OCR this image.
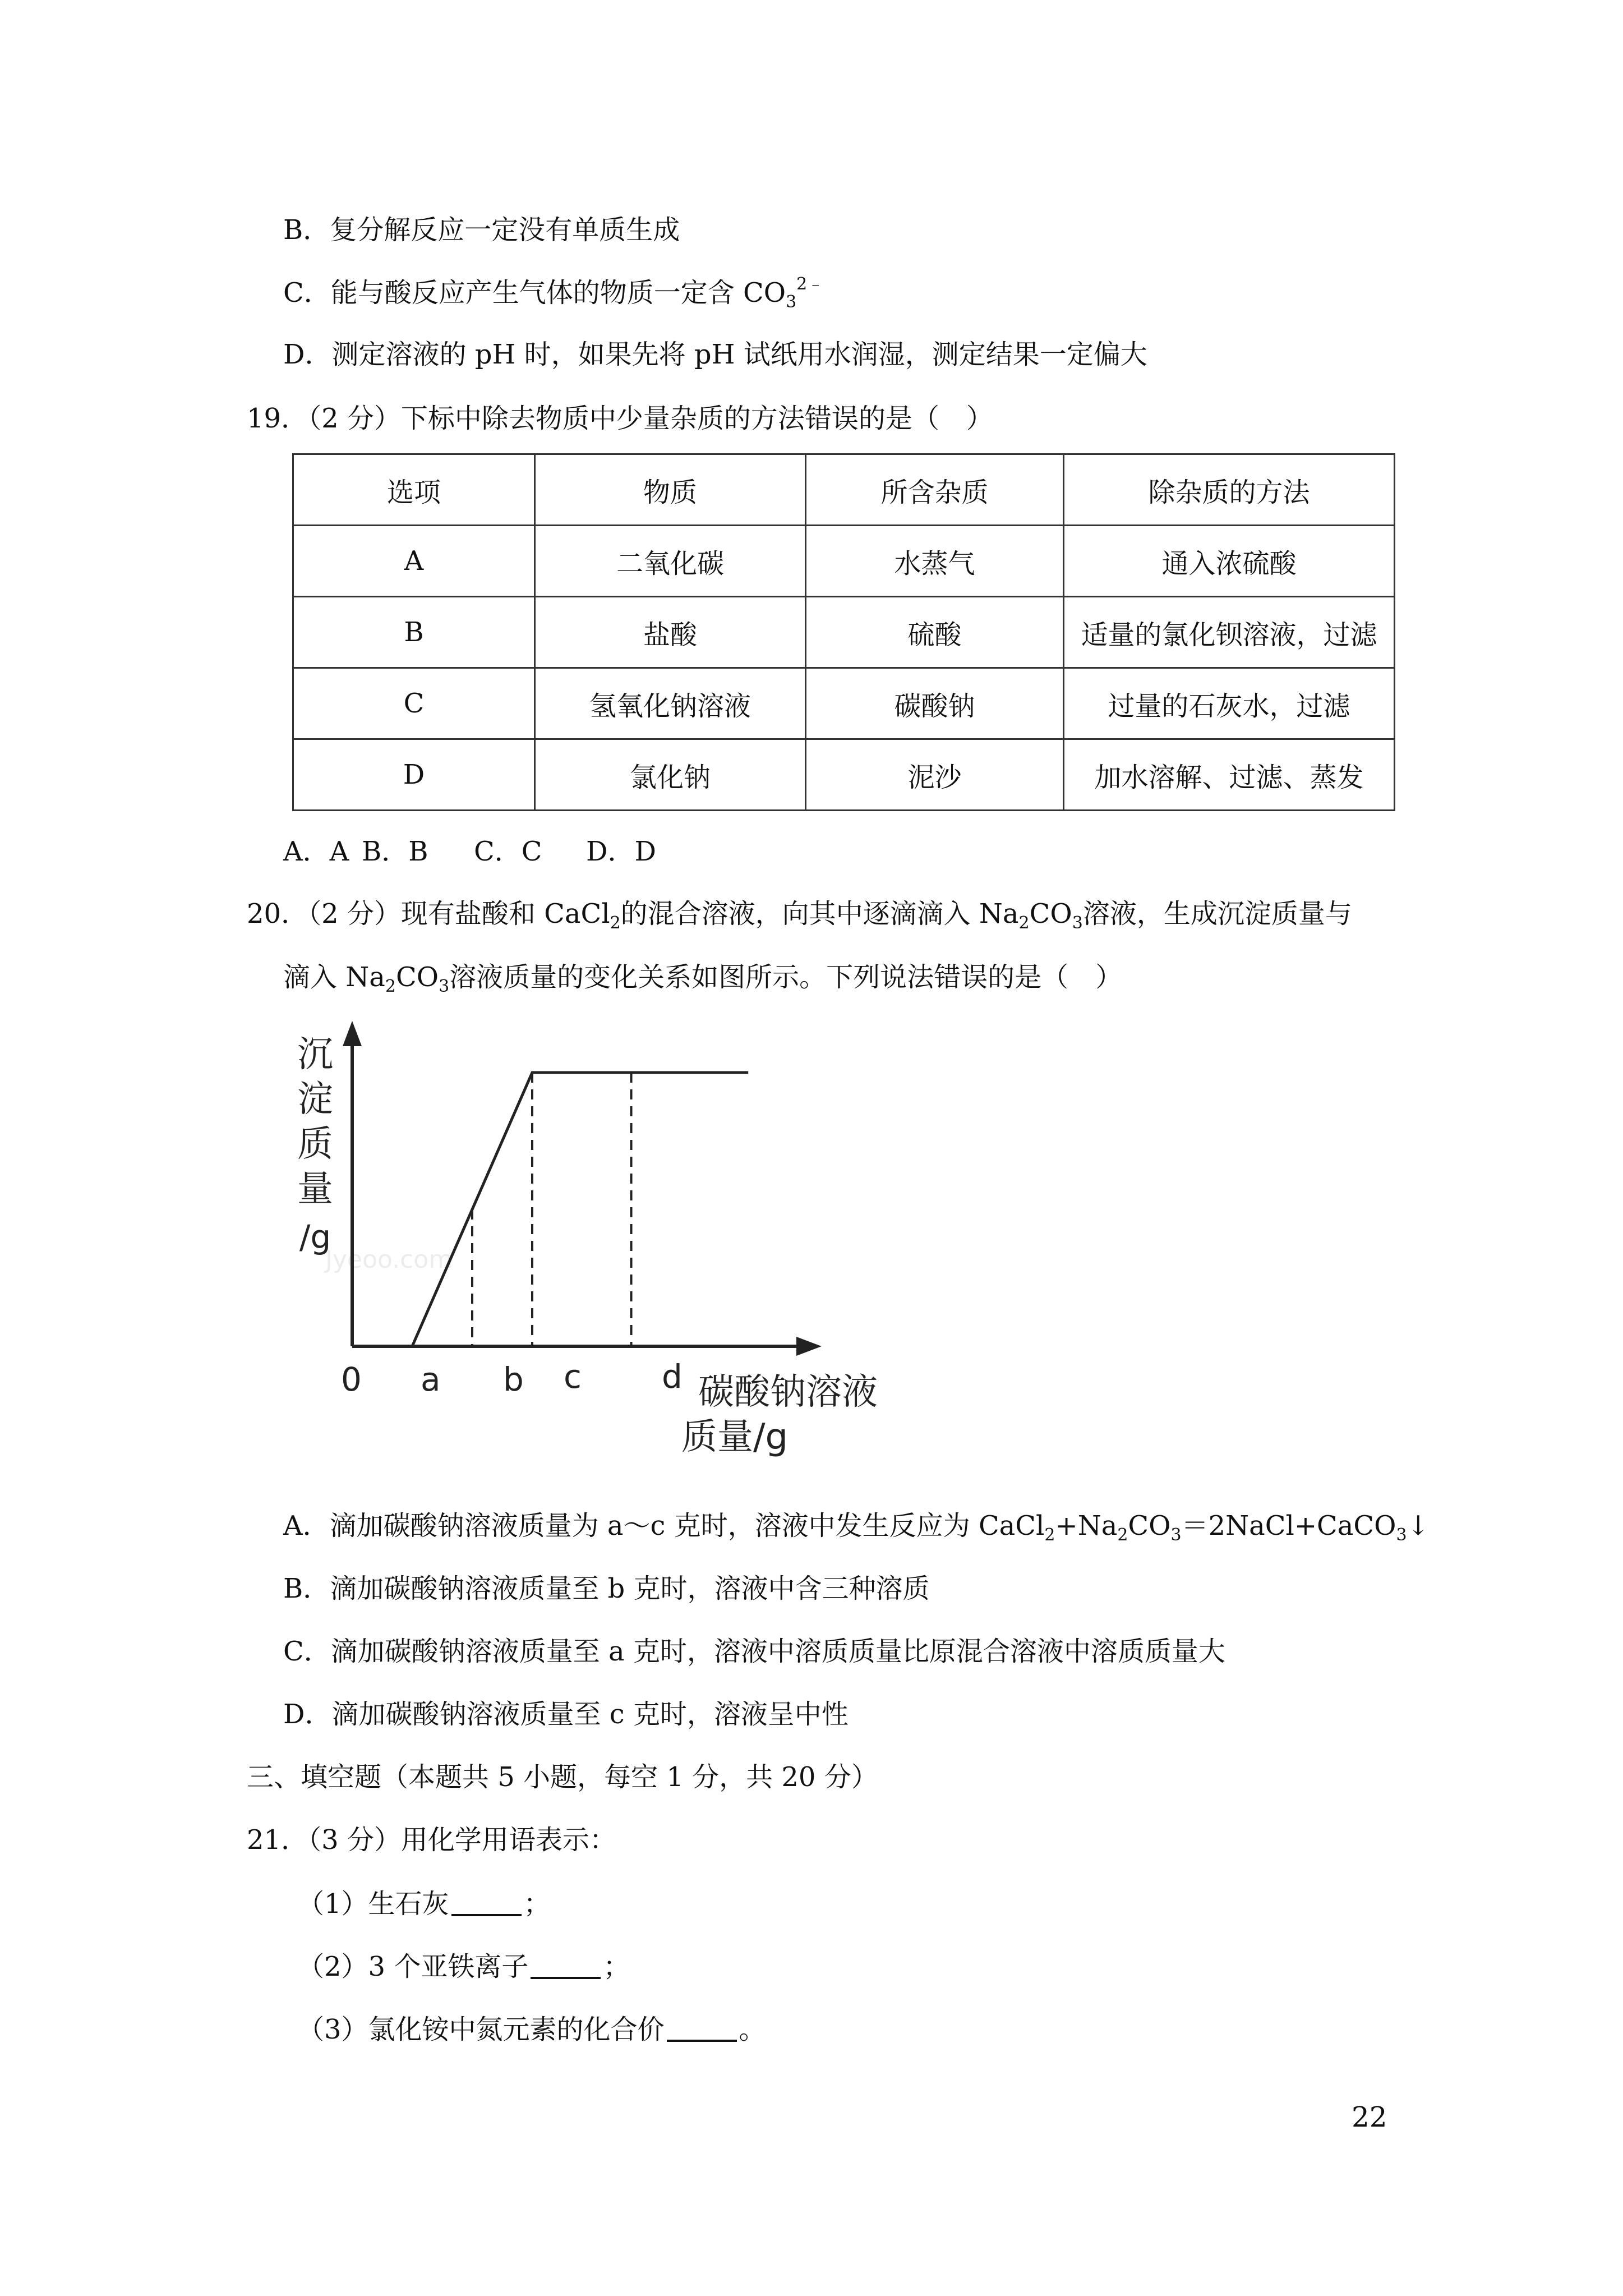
B．复分解反应一定没有单质生成
C．能与酸反应产生气体的物质一定含 $CO_3^{2﹣}$
D．测定溶液的 pH 时，如果先将 pH 试纸用水润湿，测定结果一定偏大
19．（2 分）下标中除去物质中少量杂质的方法错误的是（　）
选项	物质	所含杂质	除杂质的方法
A	二氧化碳	水蒸气	通入浓硫酸
B	盐酸	硫酸	适量的氯化钡溶液，过滤
C	氢氧化钠溶液	碳酸钠	过量的石灰水，过滤
D	氯化钠	泥沙	加水溶解、过滤、蒸发
A．A B．B C．C D．D
20．（2 分）现有盐酸和 CaCl$_2$的混合溶液，向其中逐滴滴入 $Na_2CO_3$溶液，生成沉淀质量与
滴入 $Na_2CO_3$溶液质量的变化关系如图所示。下列说法错误的是（　）
Jyeoo.com
沉
淀
质
量
/g
0 a b c d 碳酸钠溶液
质量/g
A．滴加碳酸钠溶液质量为 a～c 克时，溶液中发生反应为 $CaCl_2+Na_2CO_3=2NaCl+CaCO_3↓$
B．滴加碳酸钠溶液质量至 b 克时，溶液中含三种溶质
C．滴加碳酸钠溶液质量至 a 克时，溶液中溶质质量比原混合溶液中溶质质量大
D．滴加碳酸钠溶液质量至 c 克时，溶液呈中性
三、填空题（本题共 5 小题，每空 1 分，共 20 分）
21．（3 分）用化学用语表示：
（1）生石灰	；
（2）3 个亚铁离子	；
（3）氯化铵中氮元素的化合价	。
22
